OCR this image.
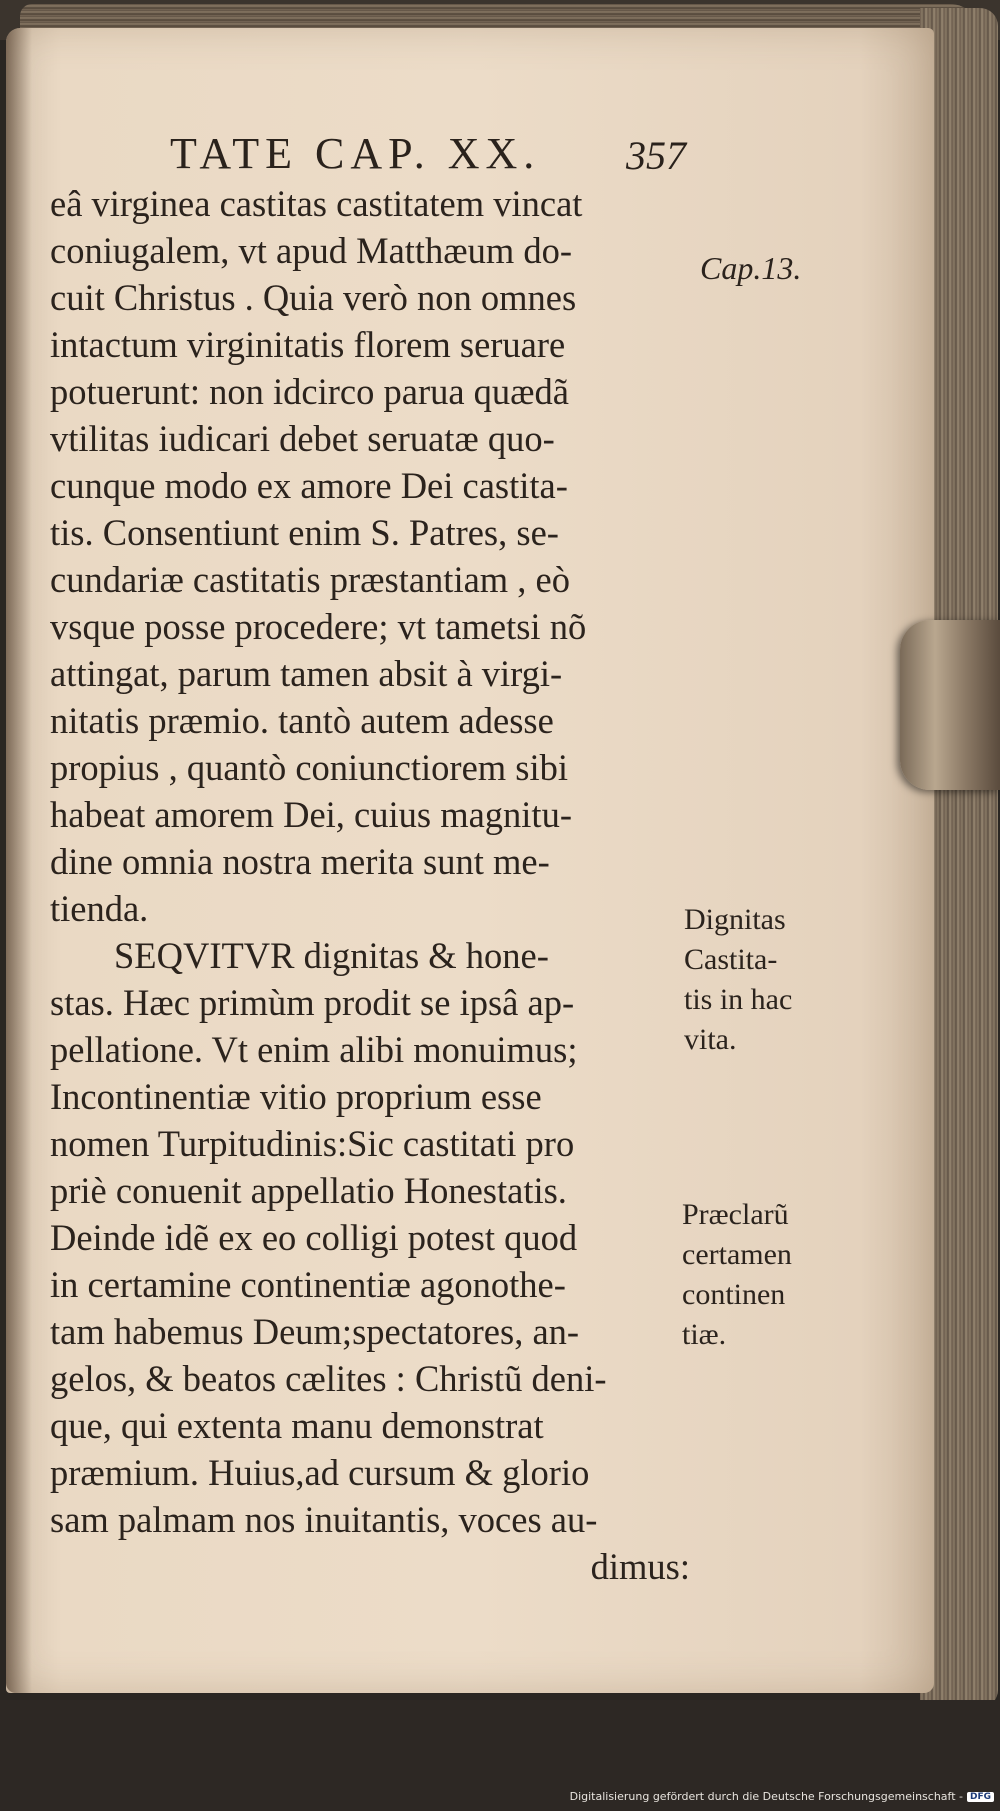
TATE CAP. XX. 357
eâ virginea castitas castitatem vincat
coniugalem, vt apud Matthæum do-
cuit Christus . Quia verò non omnes
intactum virginitatis florem seruare
potuerunt: non idcirco parua quædã
vtilitas iudicari debet seruatæ quo-
cunque modo ex amore Dei castita-
tis. Consentiunt enim S. Patres, se-
cundariæ castitatis præstantiam , eò
vsque posse procedere; vt tametsi nõ
attingat, parum tamen absit à virgi-
nitatis præmio. tantò autem adesse
propius , quantò coniunctiorem sibi
habeat amorem Dei, cuius magnitu-
dine omnia nostra merita sunt me-
tienda.
SEQVITVR dignitas & hone-
stas. Hæc primùm prodit se ipsâ ap-
pellatione. Vt enim alibi monuimus;
Incontinentiæ vitio proprium esse
nomen Turpitudinis:Sic castitati pro
priè conuenit appellatio Honestatis.
Deinde idẽ ex eo colligi potest quod
in certamine continentiæ agonothe-
tam habemus Deum;spectatores, an-
gelos, & beatos cælites : Christũ deni-
que, qui extenta manu demonstrat
præmium. Huius,ad cursum & glorio
sam palmam nos inuitantis, voces au-
dimus:
Cap.13.
Dignitas
Castita-
tis in hac
vita.
Præclarũ
certamen
continen
tiæ.
Digitalisierung gefördert durch die Deutsche Forschungsgemeinschaft - DFG
